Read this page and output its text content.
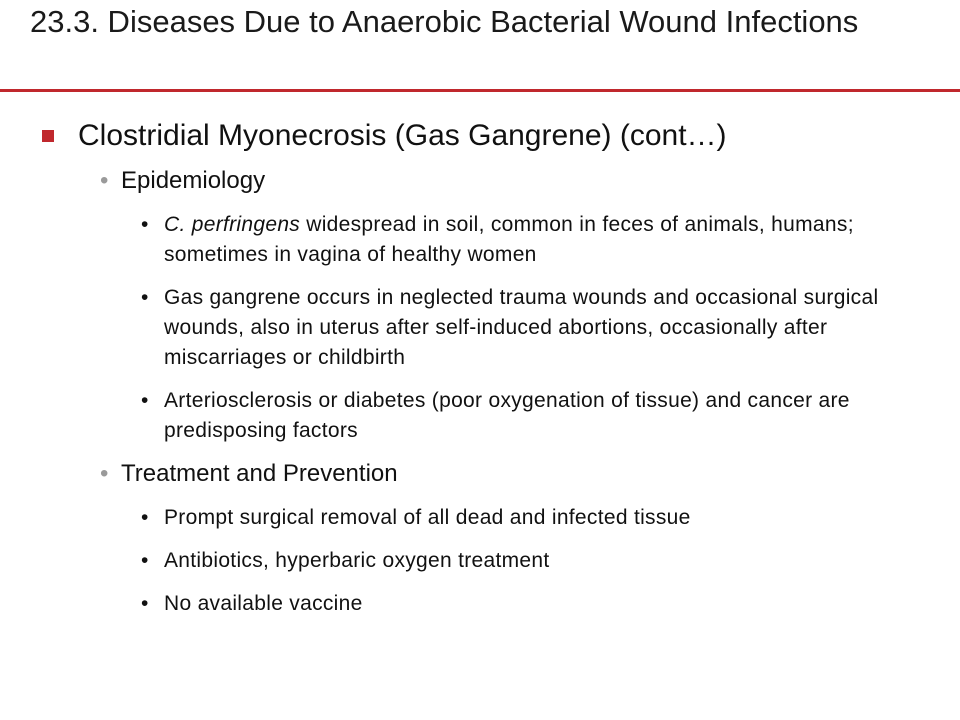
23.3. Diseases Due to Anaerobic Bacterial Wound Infections
Clostridial Myonecrosis (Gas Gangrene) (cont…)
• Epidemiology
• C. perfringens widespread in soil, common in feces of animals, humans; sometimes in vagina of healthy women
• Gas gangrene occurs in neglected trauma wounds and occasional surgical wounds, also in uterus after self-induced abortions, occasionally after miscarriages or childbirth
• Arteriosclerosis or diabetes (poor oxygenation of tissue) and cancer are predisposing factors
• Treatment and Prevention
• Prompt surgical removal of all dead and infected tissue
• Antibiotics, hyperbaric oxygen treatment
• No available vaccine
